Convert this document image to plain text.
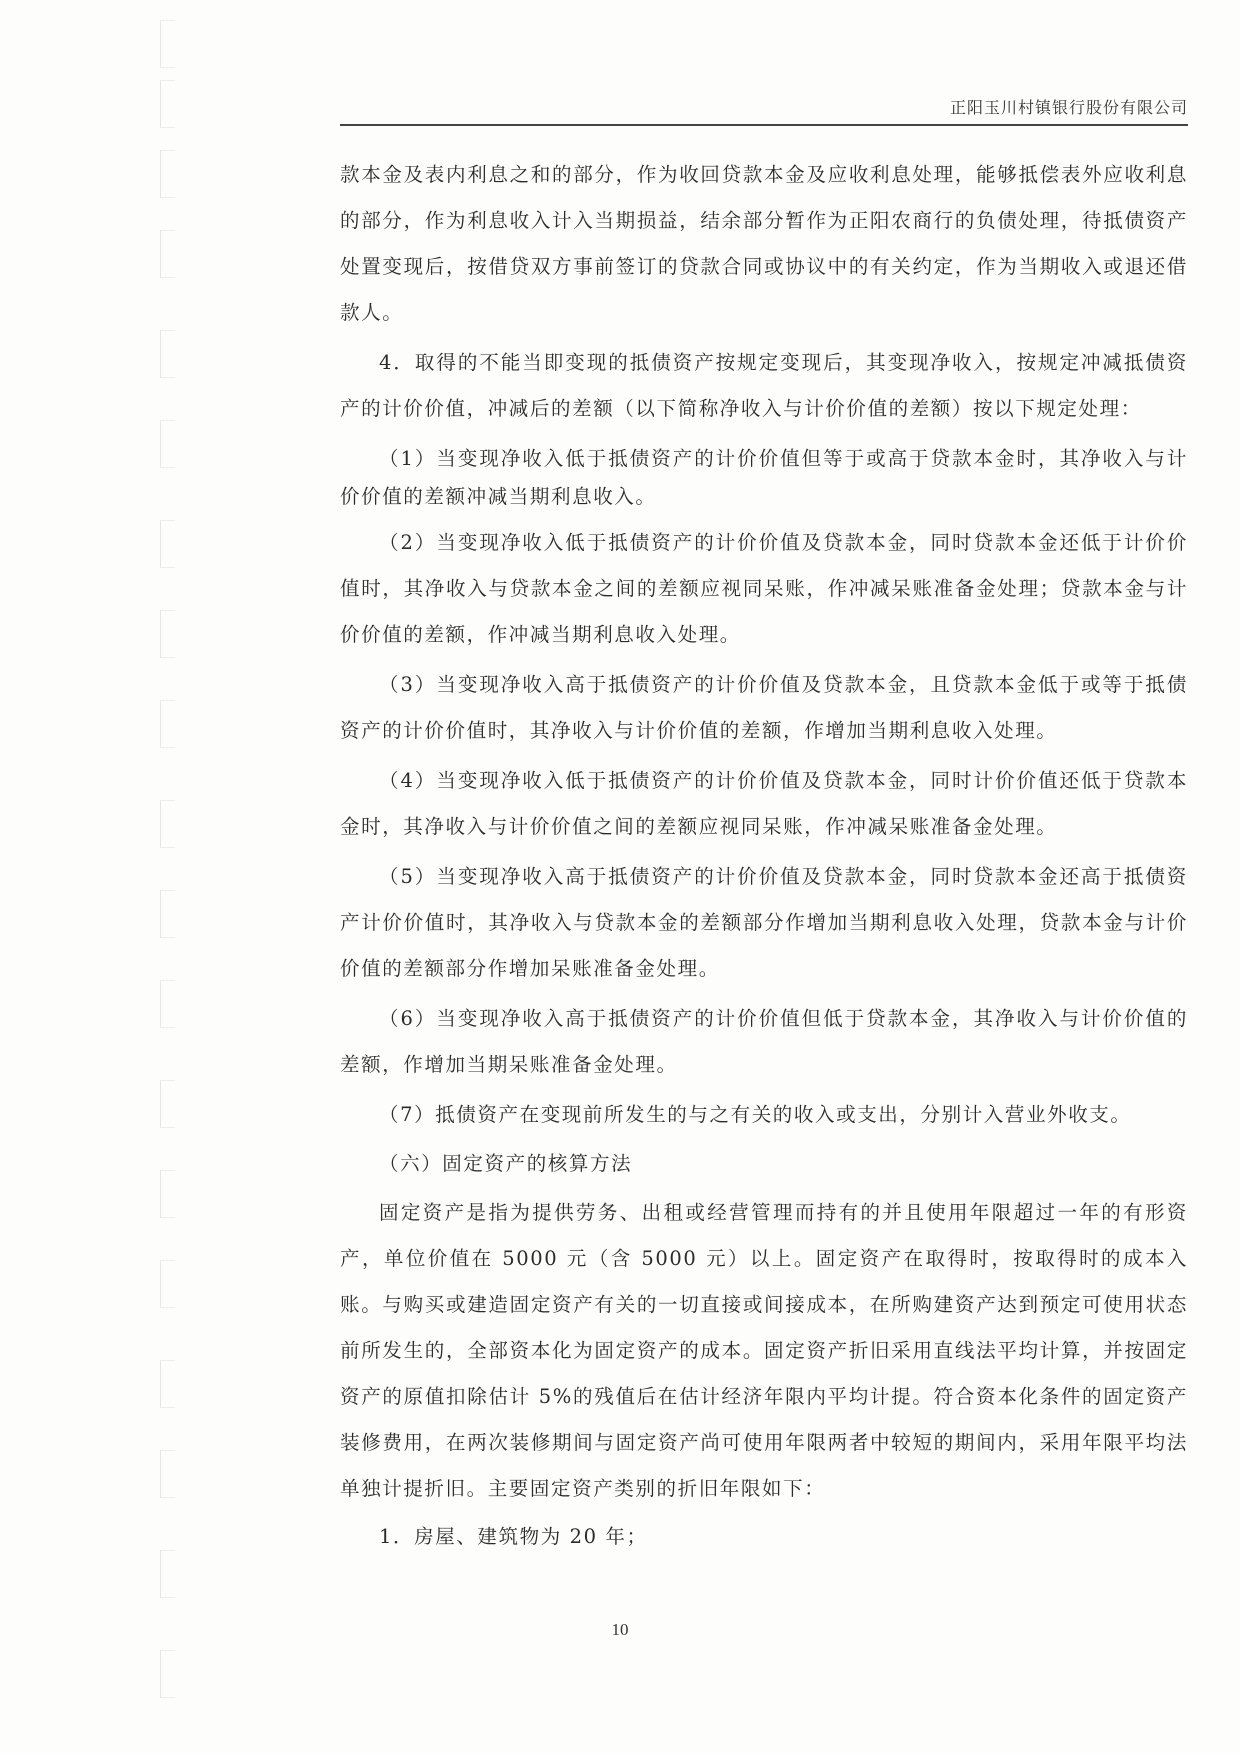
正阳玉川村镇银行股份有限公司

款本金及表内利息之和的部分，作为收回贷款本金及应收利息处理，能够抵偿表外应收利息的部分，作为利息收入计入当期损益，结余部分暂作为正阳农商行的负债处理，待抵债资产处置变现后，按借贷双方事前签订的贷款合同或协议中的有关约定，作为当期收入或退还借款人。

4．取得的不能当即变现的抵债资产按规定变现后，其变现净收入，按规定冲减抵债资产的计价价值，冲减后的差额（以下简称净收入与计价价值的差额）按以下规定处理：

（1）当变现净收入低于抵债资产的计价价值但等于或高于贷款本金时，其净收入与计价价值的差额冲减当期利息收入。

（2）当变现净收入低于抵债资产的计价价值及贷款本金，同时贷款本金还低于计价价值时，其净收入与贷款本金之间的差额应视同呆账，作冲减呆账准备金处理；贷款本金与计价价值的差额，作冲减当期利息收入处理。

（3）当变现净收入高于抵债资产的计价价值及贷款本金，且贷款本金低于或等于抵债资产的计价价值时，其净收入与计价价值的差额，作增加当期利息收入处理。

（4）当变现净收入低于抵债资产的计价价值及贷款本金，同时计价价值还低于贷款本金时，其净收入与计价价值之间的差额应视同呆账，作冲减呆账准备金处理。

（5）当变现净收入高于抵债资产的计价价值及贷款本金，同时贷款本金还高于抵债资产计价价值时，其净收入与贷款本金的差额部分作增加当期利息收入处理，贷款本金与计价价值的差额部分作增加呆账准备金处理。

（6）当变现净收入高于抵债资产的计价价值但低于贷款本金，其净收入与计价价值的差额，作增加当期呆账准备金处理。

（7）抵债资产在变现前所发生的与之有关的收入或支出，分别计入营业外收支。

（六）固定资产的核算方法

固定资产是指为提供劳务、出租或经营管理而持有的并且使用年限超过一年的有形资产，单位价值在 5000 元（含 5000 元）以上。固定资产在取得时，按取得时的成本入账。与购买或建造固定资产有关的一切直接或间接成本，在所购建资产达到预定可使用状态前所发生的，全部资本化为固定资产的成本。固定资产折旧采用直线法平均计算，并按固定资产的原值扣除估计 5%的残值后在估计经济年限内平均计提。符合资本化条件的固定资产装修费用，在两次装修期间与固定资产尚可使用年限两者中较短的期间内，采用年限平均法单独计提折旧。主要固定资产类别的折旧年限如下：

1．房屋、建筑物为 20 年；

10
